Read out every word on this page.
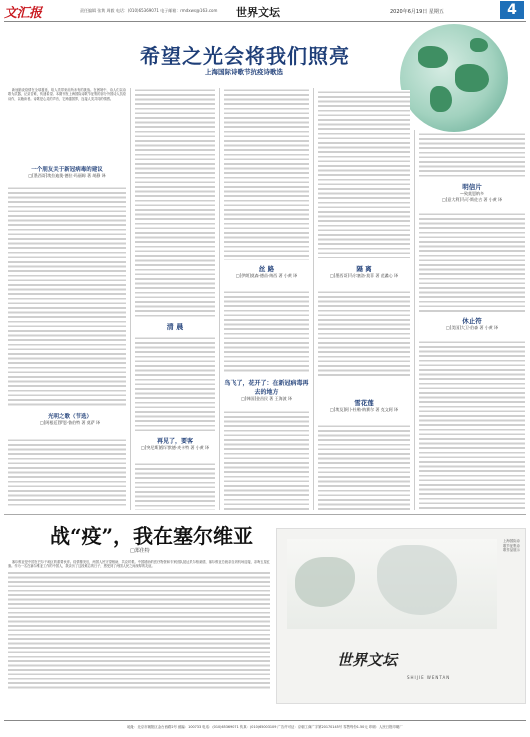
文汇报	责任编辑 张隽 周毅 电话：(010)65369071 电子邮箱：rmdxws@163.com 世界文坛	2020年6月19日 星期五	4
希望之光会将我们照亮
上海国际诗歌节抗疫诗歌选

新冠肺炎疫情在全球蔓延，给人类带来前所未有的挑战。在困境中，诗人们以诗歌为武器，记录苦难，传递希望。本期刊发上海国际诗歌节征集的部分外国诗人抗疫诗作，以飨读者。诗歌是心灵的声音，它跨越国界，连接人类共同的情感。

一个朋友关于新冠病毒的建议
□[墨西哥]埃拉迪奥·德拉·玛丽姆 著 胡静 译
光明之歌（节选）
□[阿根廷]罗恩·鲁伯特 著 莫萨 译
清 晨
再见了，要客
□[突尼斯]穆罕默德·麦卡特 著 小黄 译
丝 路
□[伊朗]莫森·德苗·纳西 著 小黄 译
鸟飞了，花开了：在新冠病毒再去的地方
□[韩国]金昌民 著 王海波 译
隔 离
□[墨西哥]马尔塞洛·莫菲 著 范蠡心 译
雪花莲
□[埃及]阿卜杜勒·纳赛尔 著 克文阿 译
明信片
—致莫恩纳多
□[意大利]马可·斯佐吉 著 小黄 译
休止符
□[美国]大卫·伯森 著 小黄 译
战“疫”，我在塞尔维亚
□郑佳特

塞尔维亚是中国在巴尔干地区的重要伙伴。疫情暴发后，两国人民守望相助，共克时艰。中国援助的医疗物资和专家团队抵达贝尔格莱德，塞尔维亚总统亲自到机场迎接，亲吻五星红旗。作为一名在塞尔维亚工作的中国人，我亲历了这段难忘的日子，感受到了两国人民之间深厚的友谊。

世界文坛
SHIJIE WENTAN
上海国际诗歌节征集诗歌作品展示
地址：北京市朝阳区金台西路2号 邮编：100733 电话：(010)65369071 传真：(010)65003109 广告许可证：京朝工商广字第20170145号 零售每份1.50元 印刷：人民日报印刷厂
